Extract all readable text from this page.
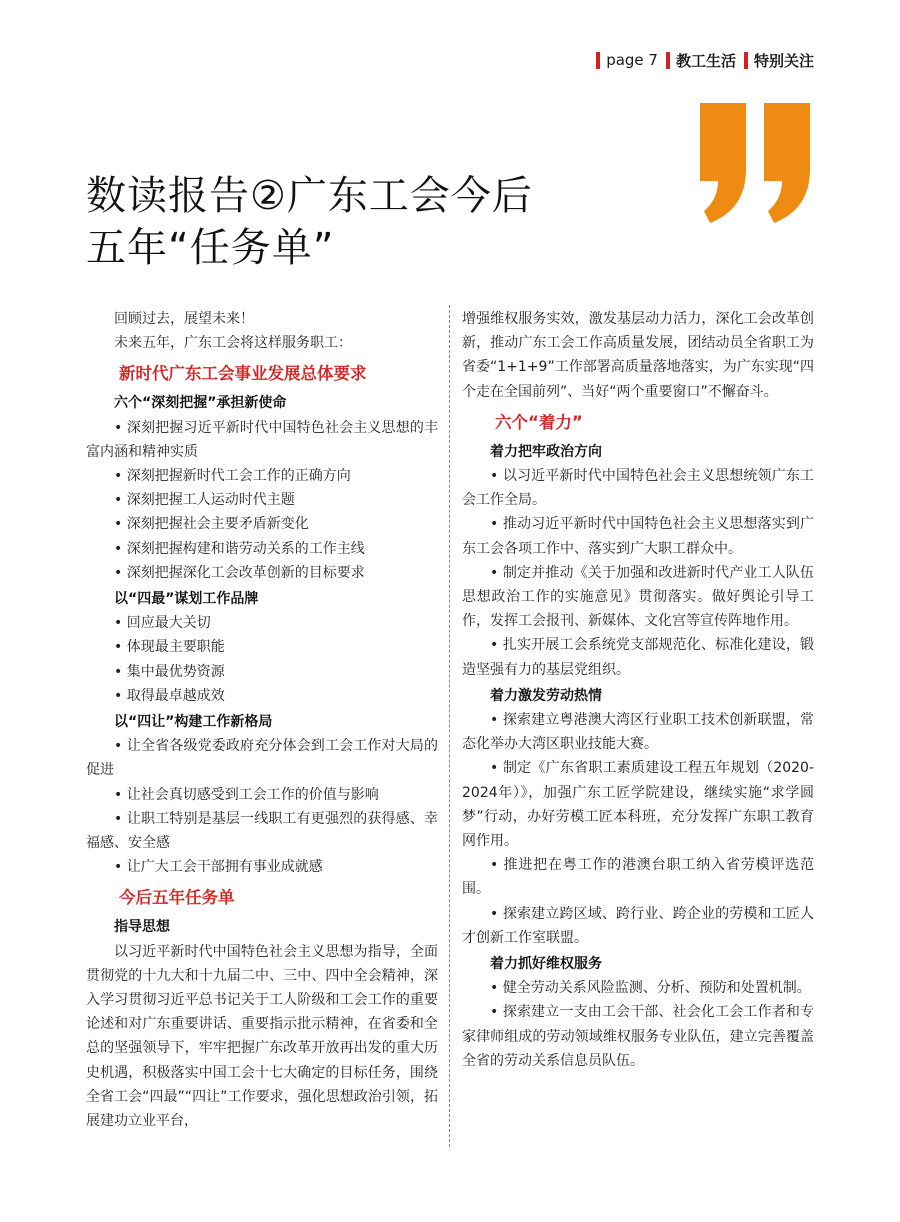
page 7 教工生活 特别关注
数读报告②广东工会今后
五年“任务单”

回顾过去，展望未来！

未来五年，广东工会将这样服务职工：

新时代广东工会事业发展总体要求
六个“深刻把握”承担新使命

• 深刻把握习近平新时代中国特色社会主义思想的丰富内涵和精神实质

• 深刻把握新时代工会工作的正确方向

• 深刻把握工人运动时代主题

• 深刻把握社会主要矛盾新变化

• 深刻把握构建和谐劳动关系的工作主线

• 深刻把握深化工会改革创新的目标要求

以“四最”谋划工作品牌

• 回应最大关切

• 体现最主要职能

• 集中最优势资源

• 取得最卓越成效

以“四让”构建工作新格局

• 让全省各级党委政府充分体会到工会工作对大局的促进

• 让社会真切感受到工会工作的价值与影响

• 让职工特别是基层一线职工有更强烈的获得感、幸福感、安全感

• 让广大工会干部拥有事业成就感

今后五年任务单
指导思想

以习近平新时代中国特色社会主义思想为指导，全面贯彻党的十九大和十九届二中、三中、四中全会精神，深入学习贯彻习近平总书记关于工人阶级和工会工作的重要论述和对广东重要讲话、重要指示批示精神，在省委和全总的坚强领导下，牢牢把握广东改革开放再出发的重大历史机遇，积极落实中国工会十七大确定的目标任务，围绕全省工会“四最”“四让”工作要求，强化思想政治引领，拓展建功立业平台，

增强维权服务实效，激发基层动力活力，深化工会改革创新，推动广东工会工作高质量发展，团结动员全省职工为省委“1+1+9”工作部署高质量落地落实，为广东实现“四个走在全国前列”、当好“两个重要窗口”不懈奋斗。

六个“着力”
着力把牢政治方向

• 以习近平新时代中国特色社会主义思想统领广东工会工作全局。

• 推动习近平新时代中国特色社会主义思想落实到广东工会各项工作中、落实到广大职工群众中。

• 制定并推动《关于加强和改进新时代产业工人队伍思想政治工作的实施意见》贯彻落实。做好舆论引导工作，发挥工会报刊、新媒体、文化宫等宣传阵地作用。

• 扎实开展工会系统党支部规范化、标准化建设，锻造坚强有力的基层党组织。

着力激发劳动热情

• 探索建立粤港澳大湾区行业职工技术创新联盟，常态化举办大湾区职业技能大赛。

• 制定《广东省职工素质建设工程五年规划（2020-2024年）》，加强广东工匠学院建设，继续实施“求学圆梦”行动，办好劳模工匠本科班，充分发挥广东职工教育网作用。

• 推进把在粤工作的港澳台职工纳入省劳模评选范围。

• 探索建立跨区域、跨行业、跨企业的劳模和工匠人才创新工作室联盟。

着力抓好维权服务

• 健全劳动关系风险监测、分析、预防和处置机制。

• 探索建立一支由工会干部、社会化工会工作者和专家律师组成的劳动领域维权服务专业队伍，建立完善覆盖全省的劳动关系信息员队伍。
